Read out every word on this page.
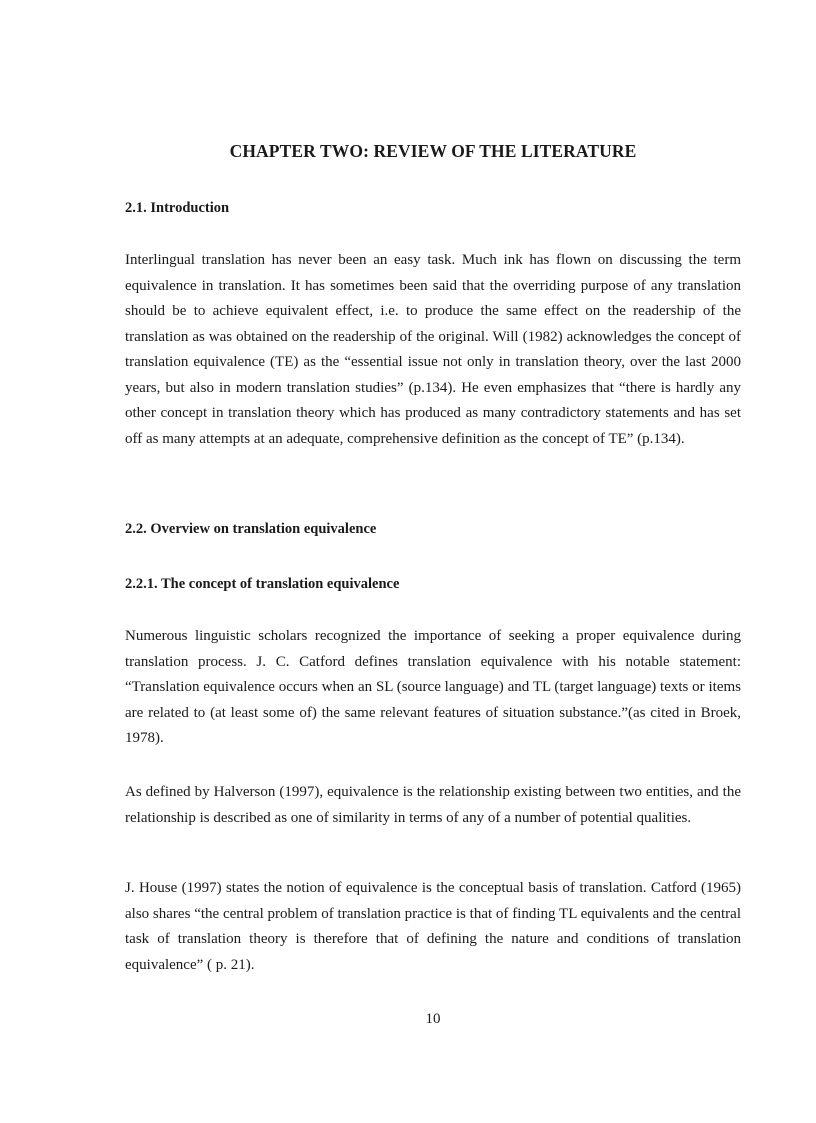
CHAPTER TWO: REVIEW OF THE LITERATURE
2.1. Introduction

Interlingual translation has never been an easy task. Much ink has flown on discussing the term equivalence in translation. It has sometimes been said that the overriding purpose of any translation should be to achieve equivalent effect, i.e. to produce the same effect on the readership of the translation as was obtained on the readership of the original. Will (1982) acknowledges the concept of translation equivalence (TE) as the “essential issue not only in translation theory, over the last 2000 years, but also in modern translation studies” (p.134). He even emphasizes that “there is hardly any other concept in translation theory which has produced as many contradictory statements and has set off as many attempts at an adequate, comprehensive definition as the concept of TE” (p.134).

2.2. Overview on translation equivalence
2.2.1. The concept of translation equivalence

Numerous linguistic scholars recognized the importance of seeking a proper equivalence during translation process. J. C. Catford defines translation equivalence with his notable statement: “Translation equivalence occurs when an SL (source language) and TL (target language) texts or items are related to (at least some of) the same relevant features of situation substance.”(as cited in Broek, 1978).

As defined by Halverson (1997), equivalence is the relationship existing between two entities, and the relationship is described as one of similarity in terms of any of a number of potential qualities.

J. House (1997) states the notion of equivalence is the conceptual basis of translation. Catford (1965) also shares “the central problem of translation practice is that of finding TL equivalents and the central task of translation theory is therefore that of defining the nature and conditions of translation equivalence” ( p. 21).

10
